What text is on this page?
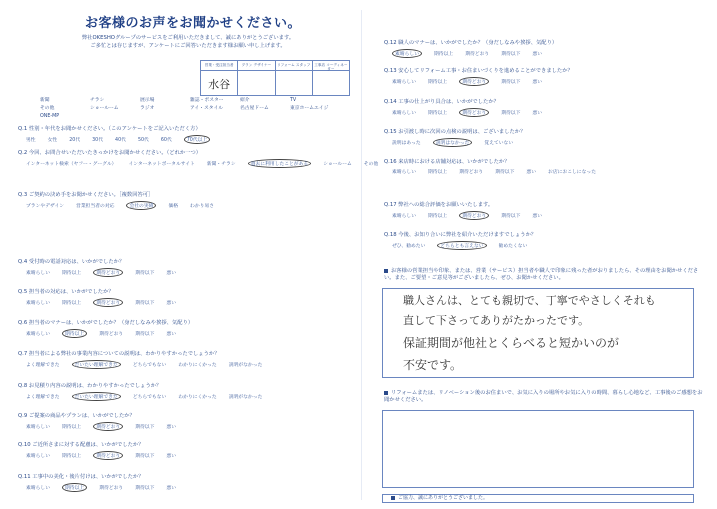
お客様のお声をお聞かせください。
弊社OKESHOグループのサービスをご利用いただきまして、誠にありがとうございます。
ご多忙とは存じますが、アンケートにご回答いただきます様お願い申し上げます。
営業・受注担当者
水谷
プラン デザイナー	リフォーム スタッフ	工事店 コーディネーター
新聞	チラシ	展示場	雑誌・ポスター	紹介	TVその他	ショールーム	ラジオ	アイ・スタイル	名古屋ドーム	東京ホームエイジONE-MP
Q.1 性別・年代をお聞かせください。（このアンケートをご記入いただく方）
男性	女性	20代	30代	40代	50代	60代	70代以上
Q.2 今回、お問合せいただいたきっかけをお聞かせください。（どれか一つ）
インターネット検索（ヤフー・グーグル）	インターネットポータルサイト	新聞・チラシ	過去に利用したことがある	ショールーム	その他
Q.3 ご契約の決め手をお聞かせください。［複数回答可］
プランやデザイン	営業担当者の対応	会社の実績	価格	わかり易さ
Q.4 受付時の電話対応は、いかがでしたか？
素晴らしい	期待以上	期待どおり	期待以下	悪い
Q.5 担当者の対応は、いかがでしたか？
素晴らしい	期待以上	期待どおり	期待以下	悪い
Q.6 担当者のマナーは、いかがでしたか？（身だしなみや挨拶、気配り）
素晴らしい	期待以上	期待どおり	期待以下	悪い
Q.7 担当者による弊社の事業内容についての説明は、わかりやすかったでしょうか？
よく理解できた	だいたい理解できた	どちらでもない	わかりにくかった	説明がなかった
Q.8 お見積り内容の説明は、わかりやすかったでしょうか？
よく理解できた	だいたい理解できた	どちらでもない	わかりにくかった	説明がなかった
Q.9 ご提案の商品やプランは、いかがでしたか？
素晴らしい	期待以上	期待どおり	期待以下	悪い
Q.10 ご近所さまに対する配慮は、いかがでしたか？
素晴らしい	期待以上	期待どおり	期待以下	悪い
Q.11 工事中の美化・後片付けは、いかがでしたか？
素晴らしい	期待以上	期待どおり	期待以下	悪い
Q.12 職人のマナーは、いかがでしたか？（身だしなみや挨拶、気配り）
素晴らしい	期待以上	期待どおり	期待以下	悪い
Q.13 安心してリフォーム工事・お住まいづくりを進めることができましたか？
素晴らしい	期待以上	期待どおり	期待以下	悪い
Q.14 工事の仕上がり具合は、いかがでしたか？
素晴らしい	期待以上	期待どおり	期待以下	悪い
Q.15 お引渡し時に次回の点検の説明は、ございましたか？
説明はあった	説明はなかった	覚えていない
Q.16 来店時における店舗対応は、いかがでしたか？
素晴らしい	期待以上	期待どおり	期待以下	悪い	お店におこしになった
Q.17 弊社への総合評価をお願いいたします。
素晴らしい	期待以上	期待どおり	期待以下	悪い
Q.18 今後、お知り合いに弊社を紹介いただけますでしょうか？
ぜひ、勧めたい	どちらとも言えない	勧めたくない
お客様の営業担当や印象、または、営業（サービス）担当者や職人で印象に残った者がおりましたら、その理由をお聞かせください。また、ご要望・ご意見等がございましたら、ぜひ、お聞かせください。
職人さんは、とても親切で、丁寧でやさしくそれも
直して下さってありがたかったです。
保証期間が他社とくらべると短かいのが
不安です。
リフォームまたは、リノベーション後のお住まいで、お気に入りの場所やお気に入りの時間、暮らし心地など、工事後のご感想をお聞かせください。
ご協力、誠にありがとうございました。
